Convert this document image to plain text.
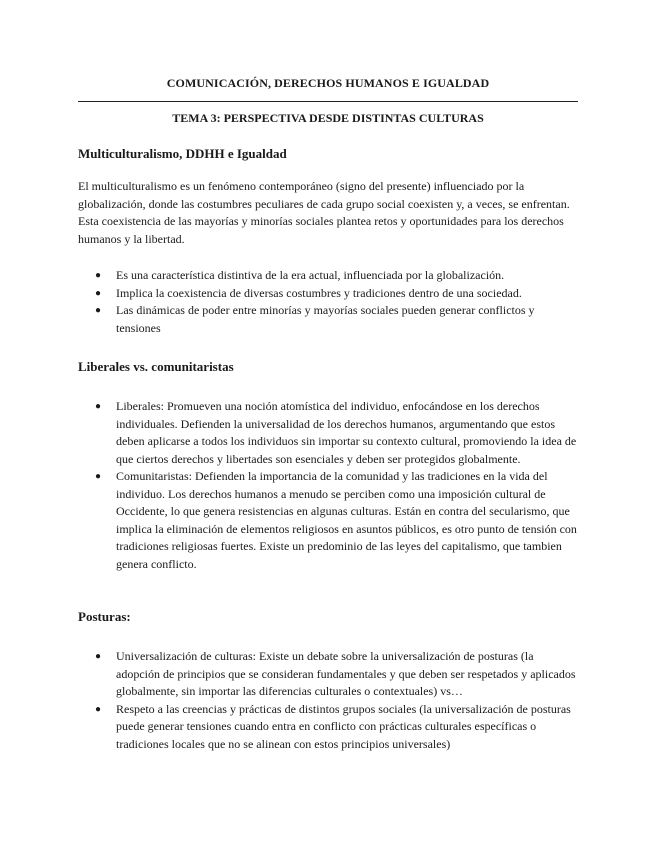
COMUNICACIÓN, DERECHOS HUMANOS E IGUALDAD
TEMA 3: PERSPECTIVA DESDE DISTINTAS CULTURAS
Multiculturalismo, DDHH e Igualdad

El multiculturalismo es un fenómeno contemporáneo (signo del presente) influenciado por la globalización, donde las costumbres peculiares de cada grupo social coexisten y, a veces, se enfrentan. Esta coexistencia de las mayorías y minorías sociales plantea retos y oportunidades para los derechos humanos y la libertad.

● Es una característica distintiva de la era actual, influenciada por la globalización.
● Implica la coexistencia de diversas costumbres y tradiciones dentro de una sociedad.
● Las dinámicas de poder entre minorías y mayorías sociales pueden generar conflictos y tensiones
Liberales vs. comunitaristas
● Liberales: Promueven una noción atomística del individuo, enfocándose en los derechos individuales. Defienden la universalidad de los derechos humanos, argumentando que estos deben aplicarse a todos los individuos sin importar su contexto cultural, promoviendo la idea de que ciertos derechos y libertades son esenciales y deben ser protegidos globalmente.
● Comunitaristas: Defienden la importancia de la comunidad y las tradiciones en la vida del individuo. Los derechos humanos a menudo se perciben como una imposición cultural de Occidente, lo que genera resistencias en algunas culturas. Están en contra del secularismo, que implica la eliminación de elementos religiosos en asuntos públicos, es otro punto de tensión con tradiciones religiosas fuertes. Existe un predominio de las leyes del capitalismo, que tambien genera conflicto.
Posturas:
● Universalización de culturas: Existe un debate sobre la universalización de posturas (la adopción de principios que se consideran fundamentales y que deben ser respetados y aplicados globalmente, sin importar las diferencias culturales o contextuales) vs…
● Respeto a las creencias y prácticas de distintos grupos sociales (la universalización de posturas puede generar tensiones cuando entra en conflicto con prácticas culturales específicas o tradiciones locales que no se alinean con estos principios universales)
